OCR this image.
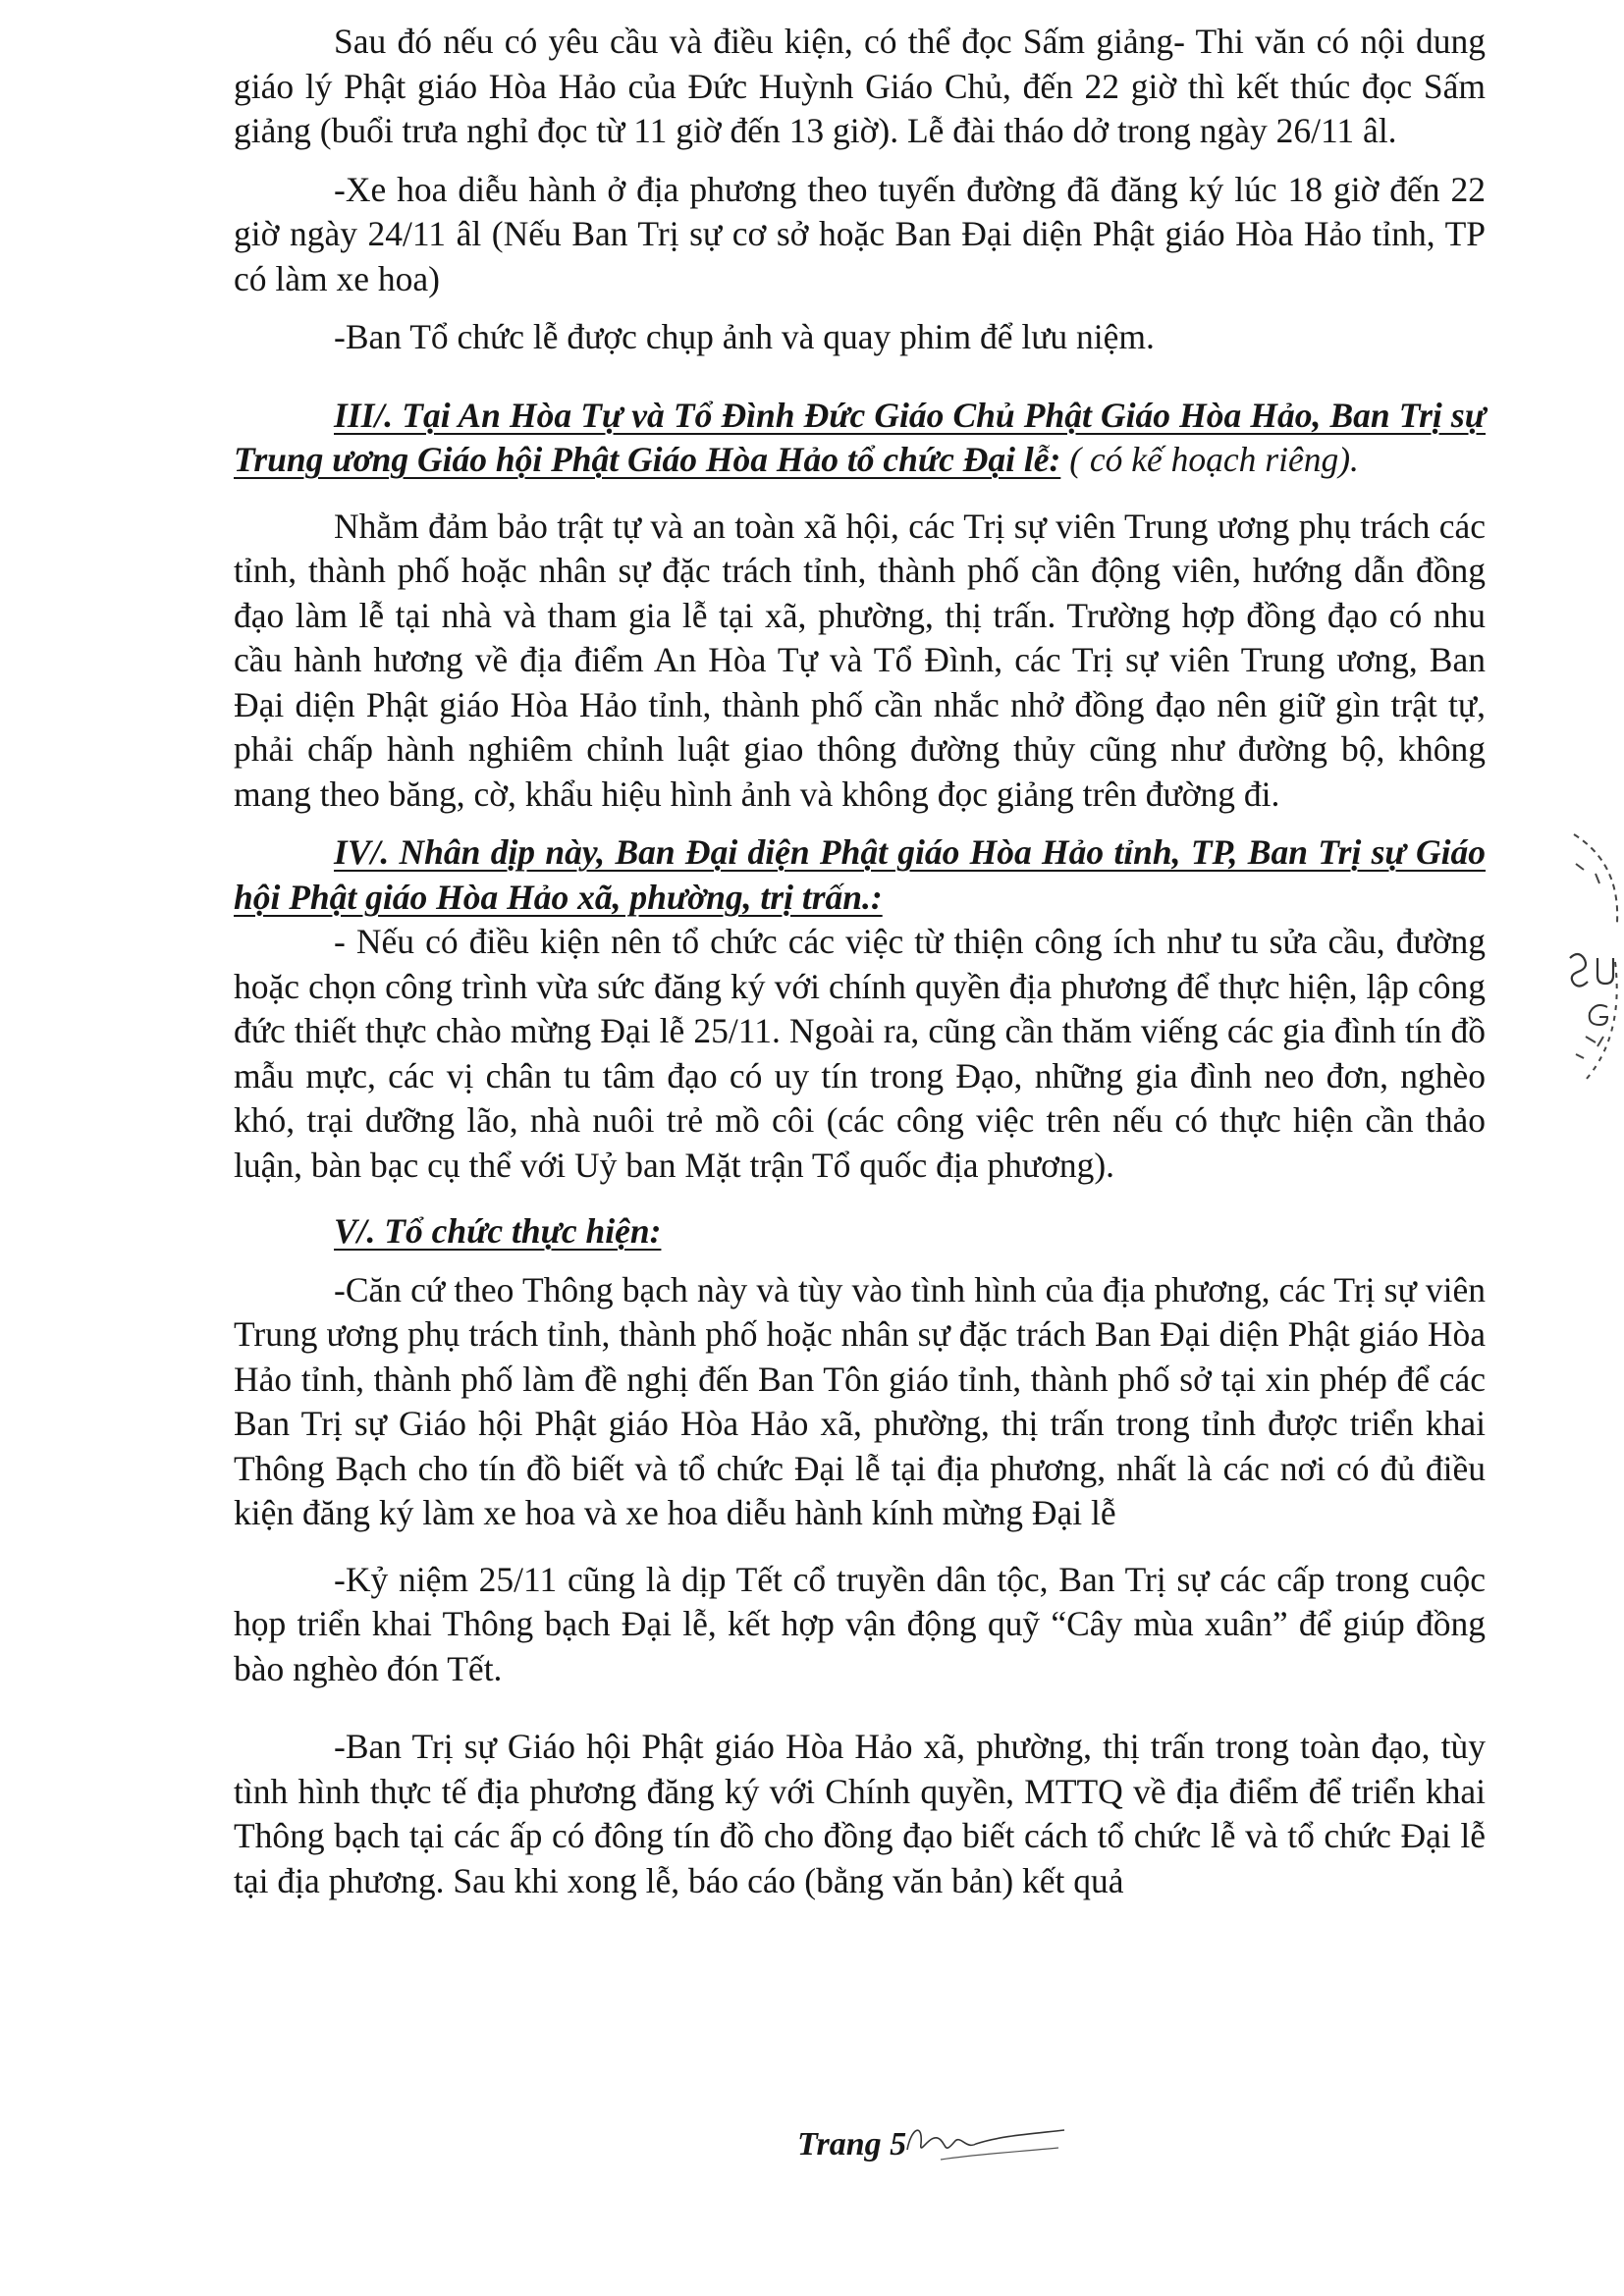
Sau đó nếu có yêu cầu và điều kiện, có thể đọc Sấm giảng- Thi văn có nội dung giáo lý Phật giáo Hòa Hảo của Đức Huỳnh Giáo Chủ, đến 22 giờ thì kết thúc đọc Sấm giảng (buổi trưa nghỉ đọc từ 11 giờ đến 13 giờ). Lễ đài tháo dở trong ngày 26/11 âl.

-Xe hoa diễu hành ở địa phương theo tuyến đường đã đăng ký lúc 18 giờ đến 22 giờ ngày 24/11 âl (Nếu Ban Trị sự cơ sở hoặc Ban Đại diện Phật giáo Hòa Hảo tỉnh, TP có làm xe hoa)

-Ban Tổ chức lễ được chụp ảnh và quay phim để lưu niệm.

III/. Tại An Hòa Tự và Tổ Đình Đức Giáo Chủ Phật Giáo Hòa Hảo, Ban Trị sự Trung ương Giáo hội Phật Giáo Hòa Hảo tổ chức Đại lễ: ( có kế hoạch riêng).

Nhằm đảm bảo trật tự và an toàn xã hội, các Trị sự viên Trung ương phụ trách các tỉnh, thành phố hoặc nhân sự đặc trách tỉnh, thành phố cần động viên, hướng dẫn đồng đạo làm lễ tại nhà và tham gia lễ tại xã, phường, thị trấn. Trường hợp đồng đạo có nhu cầu hành hương về địa điểm An Hòa Tự và Tổ Đình, các Trị sự viên Trung ương, Ban Đại diện Phật giáo Hòa Hảo tỉnh, thành phố cần nhắc nhở đồng đạo nên giữ gìn trật tự, phải chấp hành nghiêm chỉnh luật giao thông đường thủy cũng như đường bộ, không mang theo băng, cờ, khẩu hiệu hình ảnh và không đọc giảng trên đường đi.

IV/. Nhân dịp này, Ban Đại diện Phật giáo Hòa Hảo tỉnh, TP, Ban Trị sự Giáo hội Phật giáo Hòa Hảo xã, phường, trị trấn.:

- Nếu có điều kiện nên tổ chức các việc từ thiện công ích như tu sửa cầu, đường hoặc chọn công trình vừa sức đăng ký với chính quyền địa phương để thực hiện, lập công đức thiết thực chào mừng Đại lễ 25/11. Ngoài ra, cũng cần thăm viếng các gia đình tín đồ mẫu mực, các vị chân tu tâm đạo có uy tín trong Đạo, những gia đình neo đơn, nghèo khó, trại dưỡng lão, nhà nuôi trẻ mồ côi (các công việc trên nếu có thực hiện cần thảo luận, bàn bạc cụ thể với Uỷ ban Mặt trận Tổ quốc địa phương).

V/. Tổ chức thực hiện:

-Căn cứ theo Thông bạch này và tùy vào tình hình của địa phương, các Trị sự viên Trung ương phụ trách tỉnh, thành phố hoặc nhân sự đặc trách Ban Đại diện Phật giáo Hòa Hảo tỉnh, thành phố làm đề nghị đến Ban Tôn giáo tỉnh, thành phố sở tại xin phép để các Ban Trị sự Giáo hội Phật giáo Hòa Hảo xã, phường, thị trấn trong tỉnh được triển khai Thông Bạch cho tín đồ biết và tổ chức Đại lễ tại địa phương, nhất là các nơi có đủ điều kiện đăng ký làm xe hoa và xe hoa diễu hành kính mừng Đại lễ

-Kỷ niệm 25/11 cũng là dịp Tết cổ truyền dân tộc, Ban Trị sự các cấp trong cuộc họp triển khai Thông bạch Đại lễ, kết hợp vận động quỹ “Cây mùa xuân” để giúp đồng bào nghèo đón Tết.

-Ban Trị sự Giáo hội Phật giáo Hòa Hảo xã, phường, thị trấn trong toàn đạo, tùy tình hình thực tế địa phương đăng ký với Chính quyền, MTTQ về địa điểm để triển khai Thông bạch tại các ấp có đông tín đồ cho đồng đạo biết cách tổ chức lễ và tổ chức Đại lễ tại địa phương. Sau khi xong lễ, báo cáo (bằng văn bản) kết quả

Trang 5
